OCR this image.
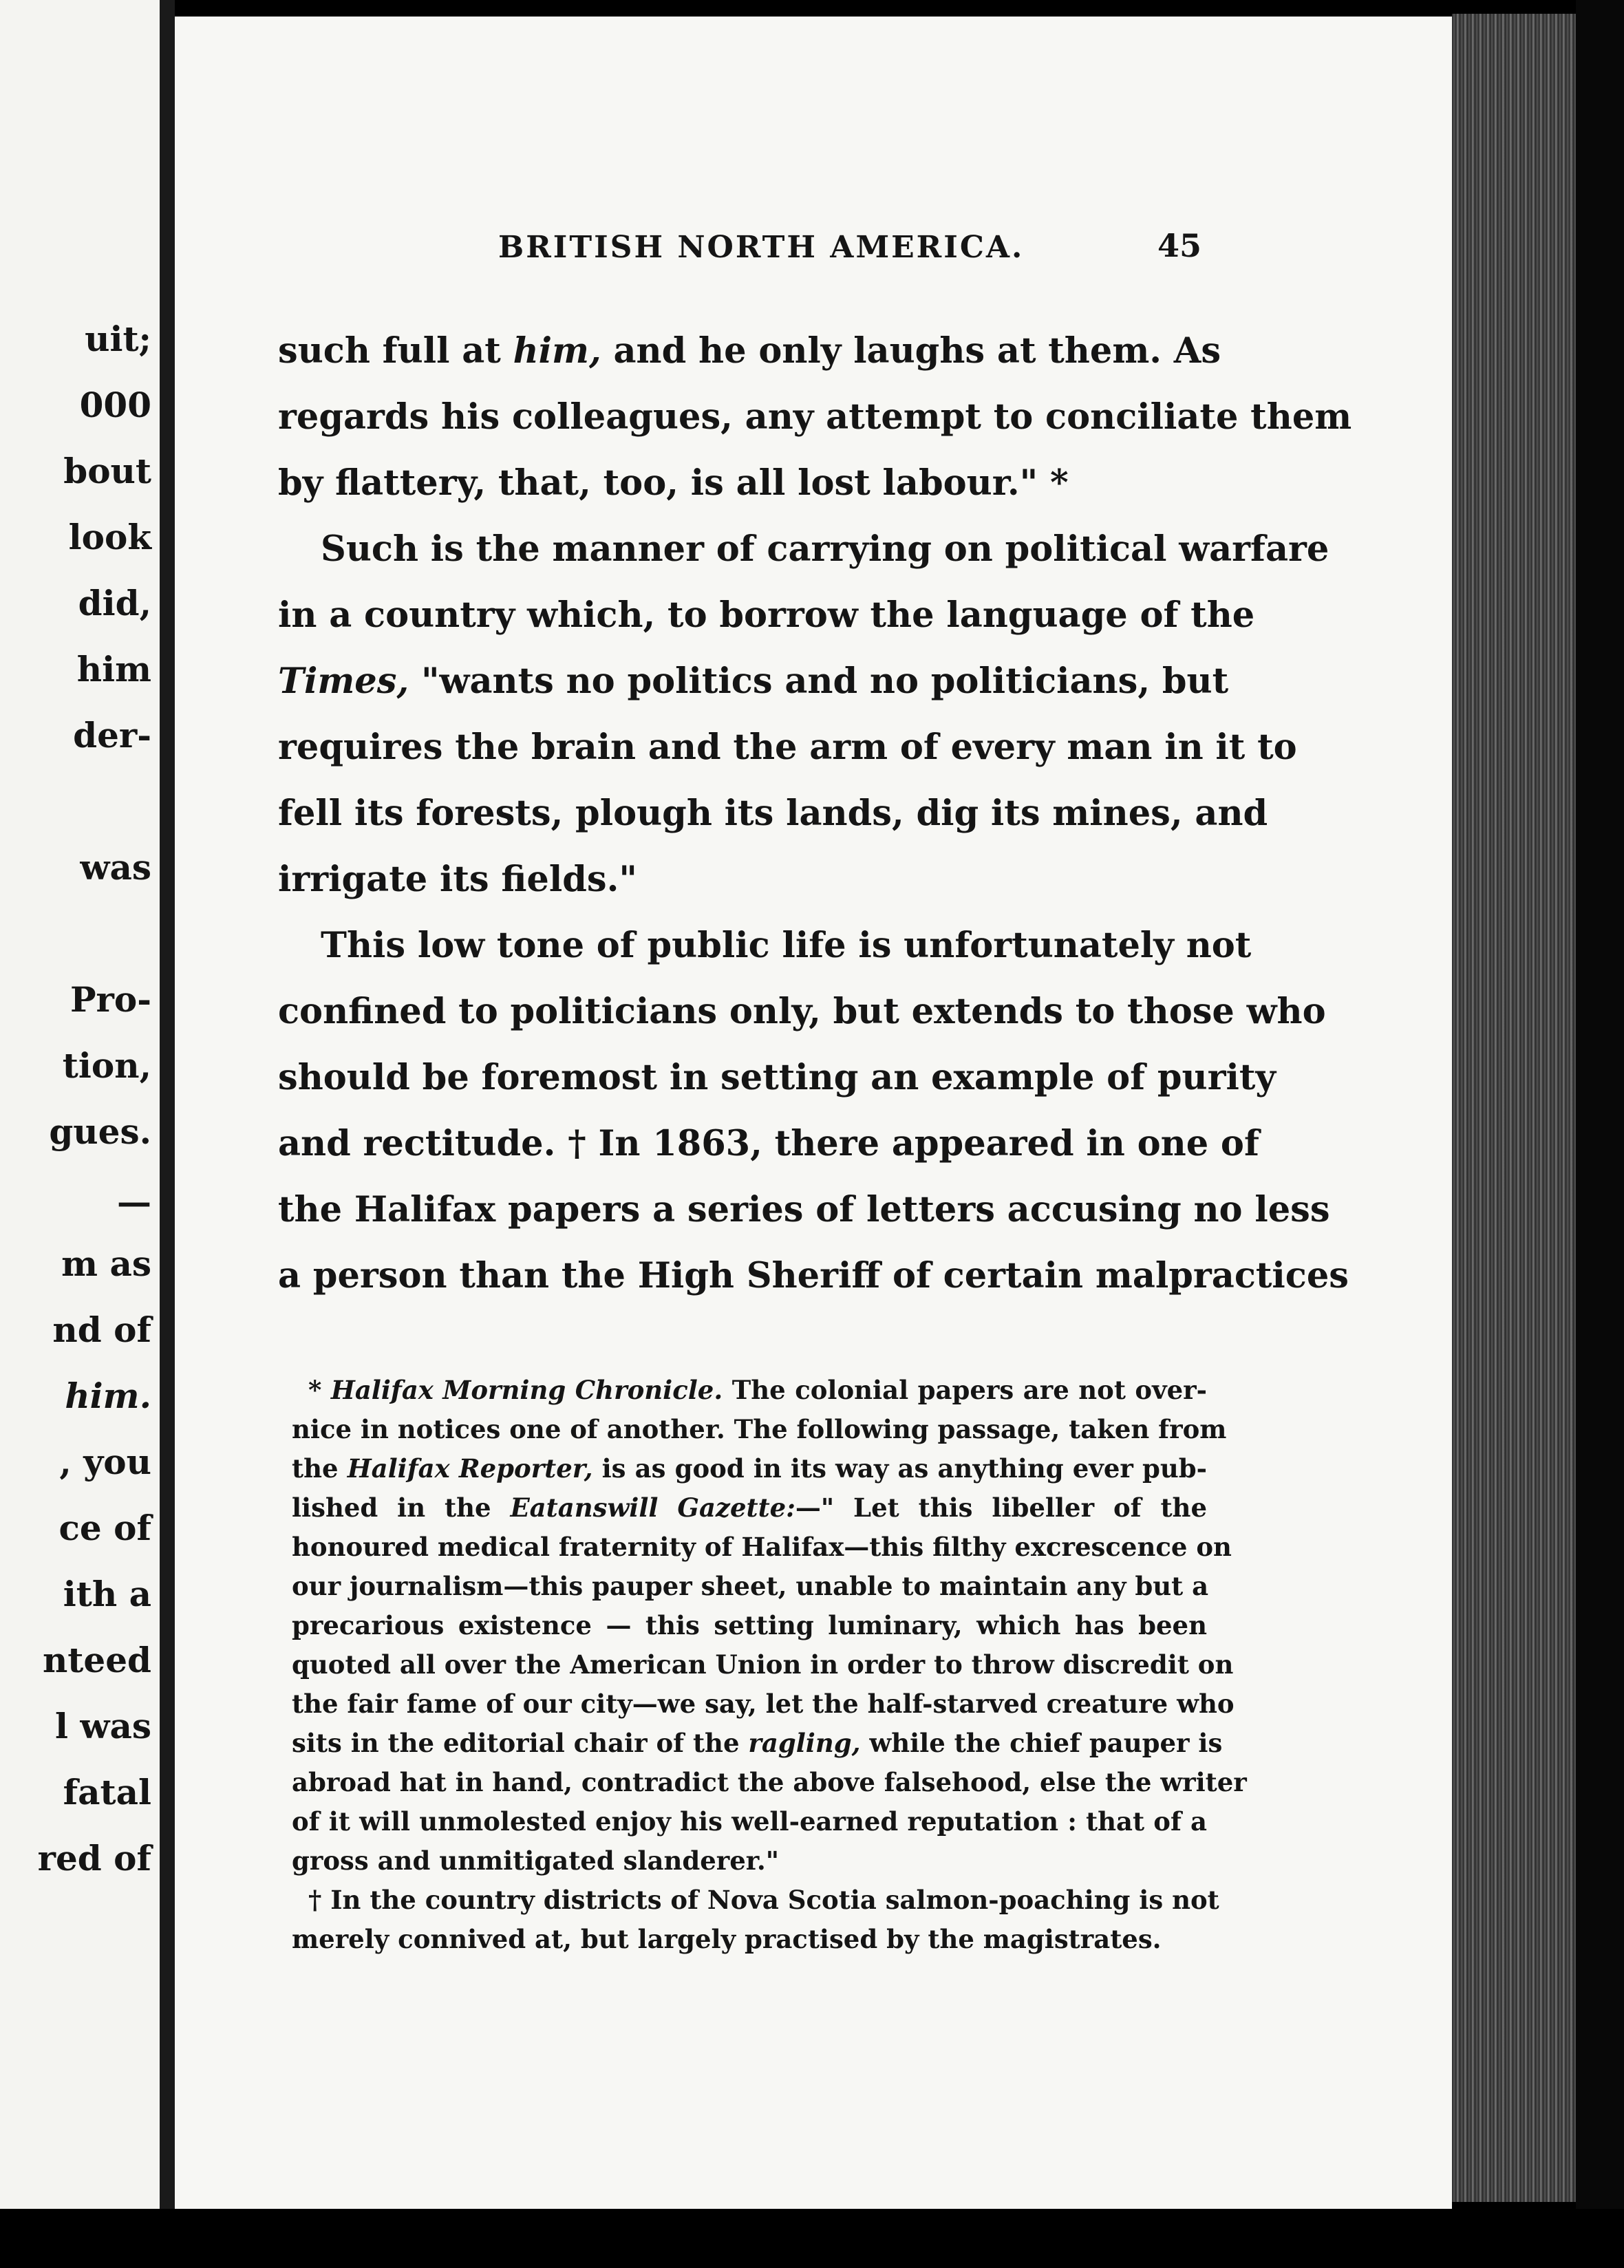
uit;
000
bout
look
did,
him
der-
was
Pro-
tion,
gues.
—
m as
nd of
him.
, you
ce of
ith a
nteed
l was
fatal
red of
BRITISH NORTH AMERICA.	45
such full at him, and he only laughs at them. As
regards his colleagues, any attempt to conciliate them
by flattery, that, too, is all lost labour." *
Such is the manner of carrying on political warfare
in a country which, to borrow the language of the
Times, "wants no politics and no politicians, but
requires the brain and the arm of every man in it to
fell its forests, plough its lands, dig its mines, and
irrigate its fields."
This low tone of public life is unfortunately not
confined to politicians only, but extends to those who
should be foremost in setting an example of purity
and rectitude. † In 1863, there appeared in one of
the Halifax papers a series of letters accusing no less
a person than the High Sheriff of certain malpractices
* Halifax Morning Chronicle. The colonial papers are not over-
nice in notices one of another. The following passage, taken from
the Halifax Reporter, is as good in its way as anything ever pub-
lished in the Eatanswill Gazette:—" Let this libeller of the
honoured medical fraternity of Halifax—this filthy excrescence on
our journalism—this pauper sheet, unable to maintain any but a
precarious existence — this setting luminary, which has been
quoted all over the American Union in order to throw discredit on
the fair fame of our city—we say, let the half-starved creature who
sits in the editorial chair of the ragling, while the chief pauper is
abroad hat in hand, contradict the above falsehood, else the writer
of it will unmolested enjoy his well-earned reputation : that of a
gross and unmitigated slanderer."
† In the country districts of Nova Scotia salmon-poaching is not
merely connived at, but largely practised by the magistrates.
